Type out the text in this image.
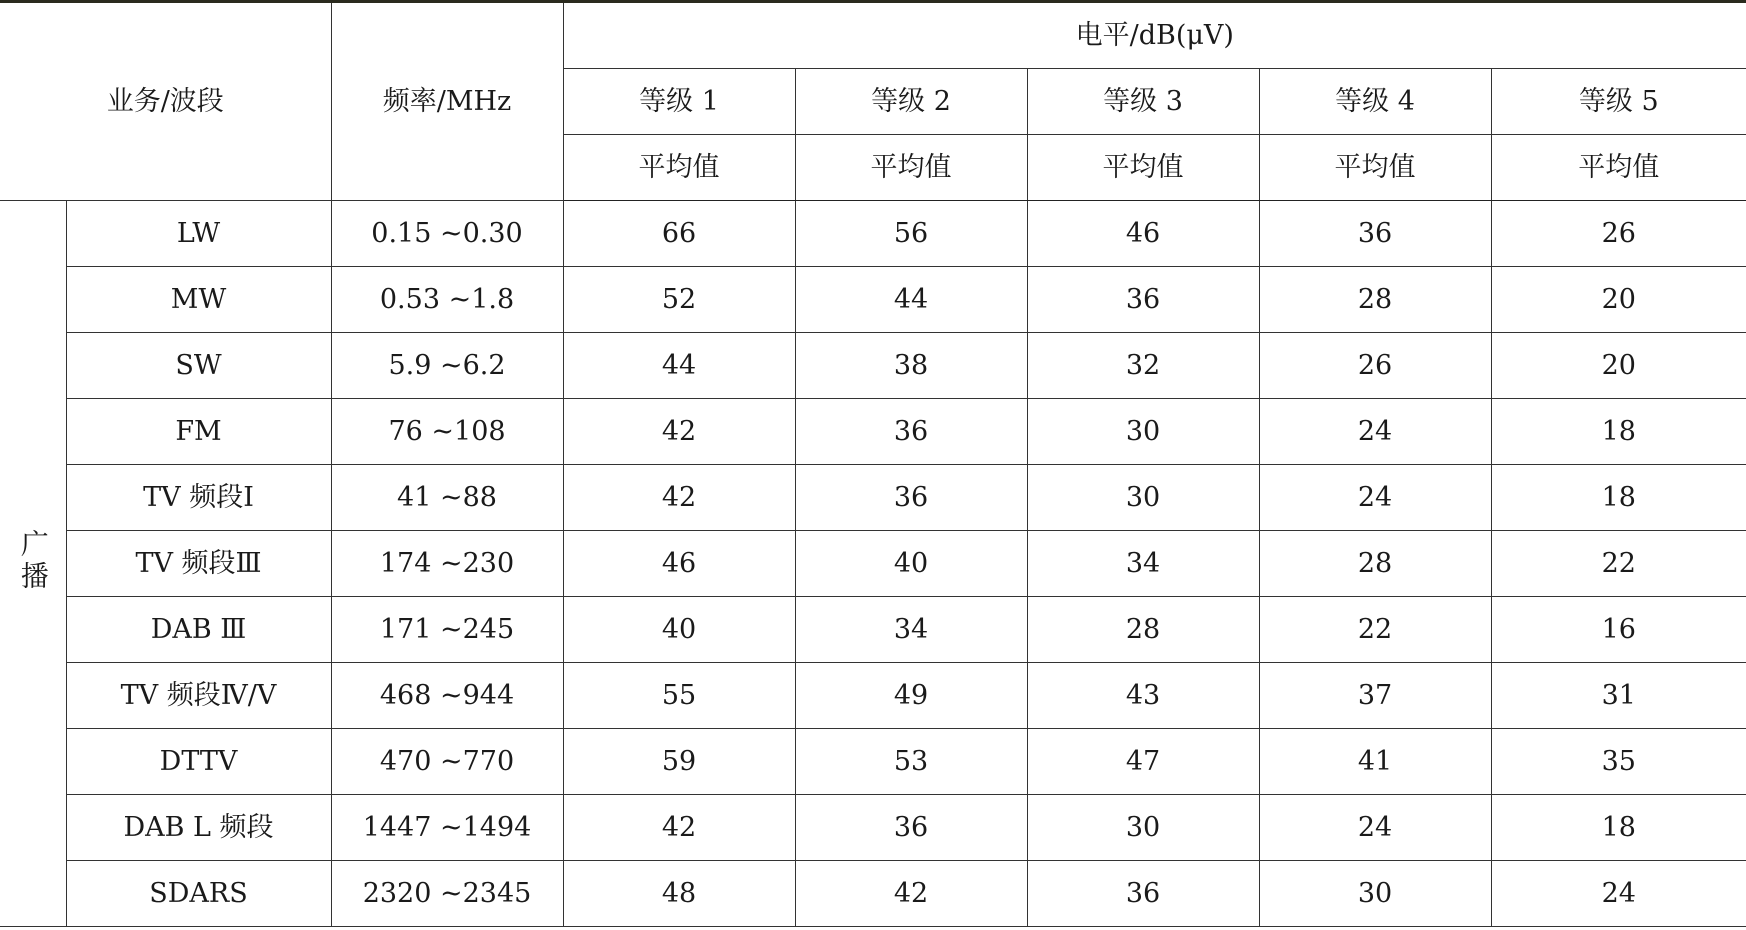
业务/波段		频率/MHz	电平/dB(μV)				
			等级 1	等级 2	等级 3	等级 4	等级 5
			平均值	平均值	平均值	平均值	平均值
广播	LW	0.15 ~0.30	66	56	46	36	26
	MW	0.53 ~1.8	52	44	36	28	20
	SW	5.9 ~6.2	44	38	32	26	20
	FM	76 ~108	42	36	30	24	18
	TV 频段Ⅰ	41 ~88	42	36	30	24	18
	TV 频段Ⅲ	174 ~230	46	40	34	28	22
	DAB Ⅲ	171 ~245	40	34	28	22	16
	TV 频段Ⅳ/Ⅴ	468 ~944	55	49	43	37	31
	DTTV	470 ~770	59	53	47	41	35
	DAB L 频段	1447 ~1494	42	36	30	24	18
	SDARS	2320 ~2345	48	42	36	30	24
